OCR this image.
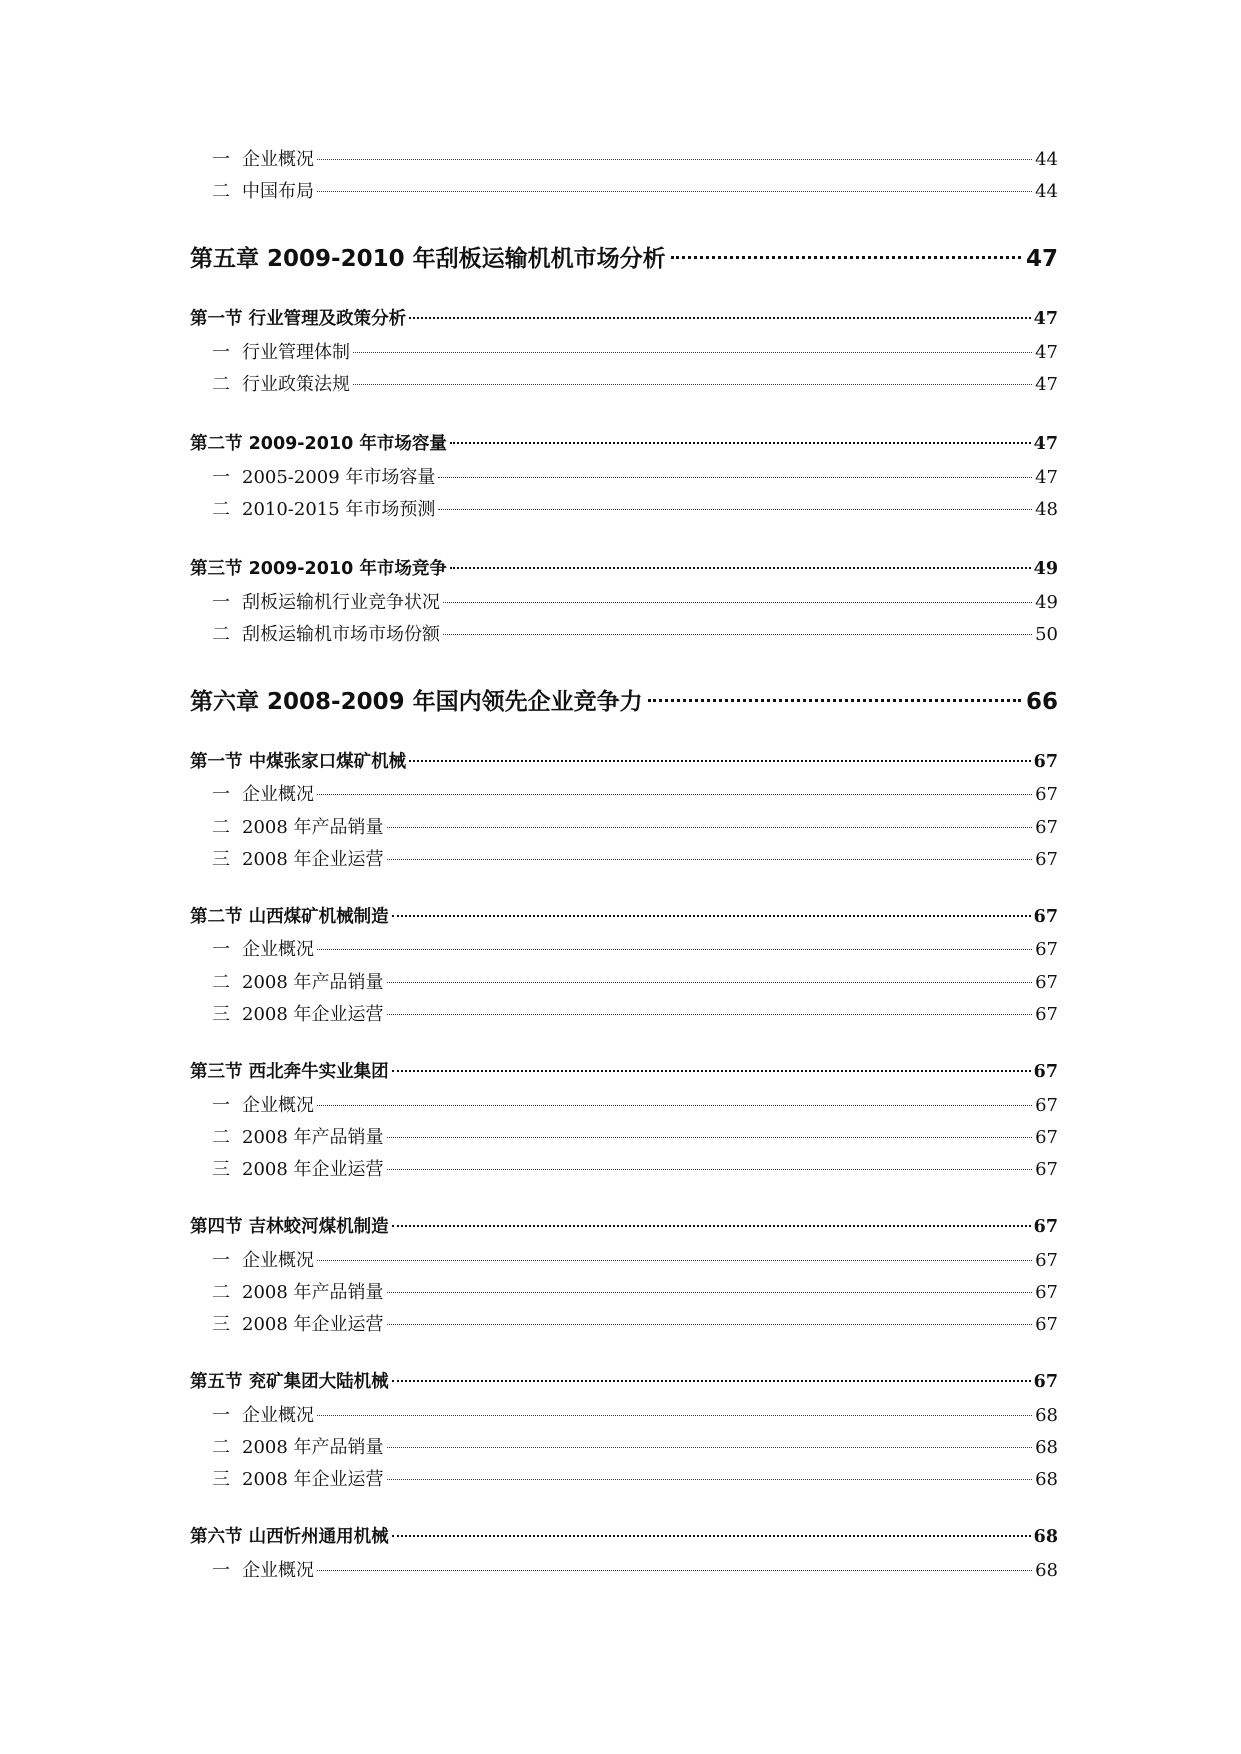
一 企业概况	44
二 中国布局	44
第五章 2009-2010 年刮板运输机机市场分析	47
第一节 行业管理及政策分析	47
一 行业管理体制	47
二 行业政策法规	47
第二节 2009-2010 年市场容量	47
一 2005-2009 年市场容量	47
二 2010-2015 年市场预测	48
第三节 2009-2010 年市场竞争	49
一 刮板运输机行业竞争状况	49
二 刮板运输机市场市场份额	50
第六章 2008-2009 年国内领先企业竞争力	66
第一节 中煤张家口煤矿机械	67
一 企业概况	67
二 2008 年产品销量	67
三 2008 年企业运营	67
第二节 山西煤矿机械制造	67
一 企业概况	67
二 2008 年产品销量	67
三 2008 年企业运营	67
第三节 西北奔牛实业集团	67
一 企业概况	67
二 2008 年产品销量	67
三 2008 年企业运营	67
第四节 吉林蛟河煤机制造	67
一 企业概况	67
二 2008 年产品销量	67
三 2008 年企业运营	67
第五节 兖矿集团大陆机械	67
一 企业概况	68
二 2008 年产品销量	68
三 2008 年企业运营	68
第六节 山西忻州通用机械	68
一 企业概况	68
